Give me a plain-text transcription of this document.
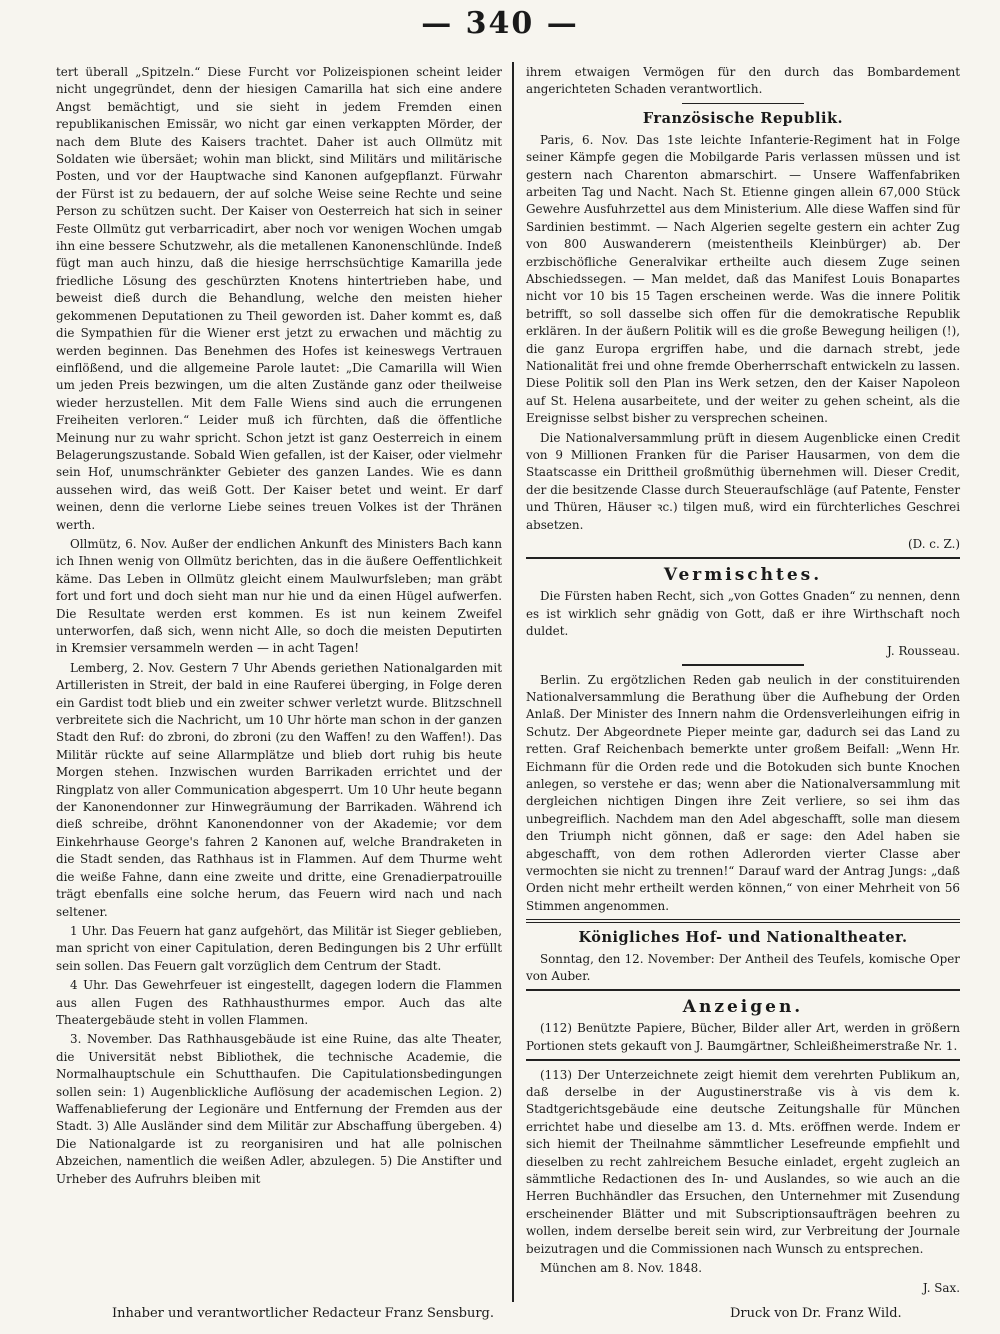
— 340 —

tert überall „Spitzeln.“ Diese Furcht vor Polizeispionen scheint leider nicht ungegründet, denn der hiesigen Camarilla hat sich eine andere Angst bemächtigt, und sie sieht in jedem Fremden einen republikanischen Emissär, wo nicht gar einen verkappten Mörder, der nach dem Blute des Kaisers trachtet. Daher ist auch Ollmütz mit Soldaten wie übersäet; wohin man blickt, sind Militärs und militärische Posten, und vor der Hauptwache sind Kanonen aufgepflanzt. Fürwahr der Fürst ist zu bedauern, der auf solche Weise seine Rechte und seine Person zu schützen sucht. Der Kaiser von Oesterreich hat sich in seiner Feste Ollmütz gut verbarricadirt, aber noch vor wenigen Wochen umgab ihn eine bessere Schutzwehr, als die metallenen Kanonenschlünde. Indeß fügt man auch hinzu, daß die hiesige herrschsüchtige Kamarilla jede friedliche Lösung des geschürzten Knotens hintertrieben habe, und beweist dieß durch die Behandlung, welche den meisten hieher gekommenen Deputationen zu Theil geworden ist. Daher kommt es, daß die Sympathien für die Wiener erst jetzt zu erwachen und mächtig zu werden beginnen. Das Benehmen des Hofes ist keineswegs Vertrauen einflößend, und die allgemeine Parole lautet: „Die Camarilla will Wien um jeden Preis bezwingen, um die alten Zustände ganz oder theilweise wieder herzustellen. Mit dem Falle Wiens sind auch die errungenen Freiheiten verloren.“ Leider muß ich fürchten, daß die öffentliche Meinung nur zu wahr spricht. Schon jetzt ist ganz Oesterreich in einem Belagerungszustande. Sobald Wien gefallen, ist der Kaiser, oder vielmehr sein Hof, unumschränkter Gebieter des ganzen Landes. Wie es dann aussehen wird, das weiß Gott. Der Kaiser betet und weint. Er darf weinen, denn die verlorne Liebe seines treuen Volkes ist der Thränen werth.

Ollmütz, 6. Nov. Außer der endlichen Ankunft des Ministers Bach kann ich Ihnen wenig von Ollmütz berichten, das in die äußere Oeffentlichkeit käme. Das Leben in Ollmütz gleicht einem Maulwurfsleben; man gräbt fort und fort und doch sieht man nur hie und da einen Hügel aufwerfen. Die Resultate werden erst kommen. Es ist nun keinem Zweifel unterworfen, daß sich, wenn nicht Alle, so doch die meisten Deputirten in Kremsier versammeln werden — in acht Tagen!

Lemberg, 2. Nov. Gestern 7 Uhr Abends geriethen Nationalgarden mit Artilleristen in Streit, der bald in eine Rauferei überging, in Folge deren ein Gardist todt blieb und ein zweiter schwer verletzt wurde. Blitzschnell verbreitete sich die Nachricht, um 10 Uhr hörte man schon in der ganzen Stadt den Ruf: do zbroni, do zbroni (zu den Waffen! zu den Waffen!). Das Militär rückte auf seine Allarmplätze und blieb dort ruhig bis heute Morgen stehen. Inzwischen wurden Barrikaden errichtet und der Ringplatz von aller Communication abgesperrt. Um 10 Uhr heute begann der Kanonendonner zur Hinwegräumung der Barrikaden. Während ich dieß schreibe, dröhnt Kanonendonner von der Akademie; vor dem Einkehrhause George's fahren 2 Kanonen auf, welche Brandraketen in die Stadt senden, das Rathhaus ist in Flammen. Auf dem Thurme weht die weiße Fahne, dann eine zweite und dritte, eine Grenadierpatrouille trägt ebenfalls eine solche herum, das Feuern wird nach und nach seltener.

1 Uhr. Das Feuern hat ganz aufgehört, das Militär ist Sieger geblieben, man spricht von einer Capitulation, deren Bedingungen bis 2 Uhr erfüllt sein sollen. Das Feuern galt vorzüglich dem Centrum der Stadt.

4 Uhr. Das Gewehrfeuer ist eingestellt, dagegen lodern die Flammen aus allen Fugen des Rathhausthurmes empor. Auch das alte Theatergebäude steht in vollen Flammen.

3. November. Das Rathhausgebäude ist eine Ruine, das alte Theater, die Universität nebst Bibliothek, die technische Academie, die Normalhauptschule ein Schutthaufen. Die Capitulationsbedingungen sollen sein: 1) Augenblickliche Auflösung der academischen Legion. 2) Waffenablieferung der Legionäre und Entfernung der Fremden aus der Stadt. 3) Alle Ausländer sind dem Militär zur Abschaffung übergeben. 4) Die Nationalgarde ist zu reorganisiren und hat alle polnischen Abzeichen, namentlich die weißen Adler, abzulegen. 5) Die Anstifter und Urheber des Aufruhrs bleiben mit

ihrem etwaigen Vermögen für den durch das Bombardement angerichteten Schaden verantwortlich.

Französische Republik.

Paris, 6. Nov. Das 1ste leichte Infanterie-Regiment hat in Folge seiner Kämpfe gegen die Mobilgarde Paris verlassen müssen und ist gestern nach Charenton abmarschirt. — Unsere Waffenfabriken arbeiten Tag und Nacht. Nach St. Etienne gingen allein 67,000 Stück Gewehre Ausfuhrzettel aus dem Ministerium. Alle diese Waffen sind für Sardinien bestimmt. — Nach Algerien segelte gestern ein achter Zug von 800 Auswanderern (meistentheils Kleinbürger) ab. Der erzbischöfliche Generalvikar ertheilte auch diesem Zuge seinen Abschiedssegen. — Man meldet, daß das Manifest Louis Bonapartes nicht vor 10 bis 15 Tagen erscheinen werde. Was die innere Politik betrifft, so soll dasselbe sich offen für die demokratische Republik erklären. In der äußern Politik will es die große Bewegung heiligen (!), die ganz Europa ergriffen habe, und die darnach strebt, jede Nationalität frei und ohne fremde Oberherrschaft entwickeln zu lassen. Diese Politik soll den Plan ins Werk setzen, den der Kaiser Napoleon auf St. Helena ausarbeitete, und der weiter zu gehen scheint, als die Ereignisse selbst bisher zu versprechen scheinen.

Die Nationalversammlung prüft in diesem Augenblicke einen Credit von 9 Millionen Franken für die Pariser Hausarmen, von dem die Staatscasse ein Drittheil großmüthig übernehmen will. Dieser Credit, der die besitzende Classe durch Steueraufschläge (auf Patente, Fenster und Thüren, Häuser ꝛc.) tilgen muß, wird ein fürchterliches Geschrei absetzen.

(D. c. Z.)
Vermischtes.

Die Fürsten haben Recht, sich „von Gottes Gnaden“ zu nennen, denn es ist wirklich sehr gnädig von Gott, daß er ihre Wirthschaft noch duldet.

J. Rousseau.

Berlin. Zu ergötzlichen Reden gab neulich in der constituirenden Nationalversammlung die Berathung über die Aufhebung der Orden Anlaß. Der Minister des Innern nahm die Ordensverleihungen eifrig in Schutz. Der Abgeordnete Pieper meinte gar, dadurch sei das Land zu retten. Graf Reichenbach bemerkte unter großem Beifall: „Wenn Hr. Eichmann für die Orden rede und die Botokuden sich bunte Knochen anlegen, so verstehe er das; wenn aber die Nationalversammlung mit dergleichen nichtigen Dingen ihre Zeit verliere, so sei ihm das unbegreiflich. Nachdem man den Adel abgeschafft, solle man diesem den Triumph nicht gönnen, daß er sage: den Adel haben sie abgeschafft, von dem rothen Adlerorden vierter Classe aber vermochten sie nicht zu trennen!“ Darauf ward der Antrag Jungs: „daß Orden nicht mehr ertheilt werden können,“ von einer Mehrheit von 56 Stimmen angenommen.

Königliches Hof- und Nationaltheater.

Sonntag, den 12. November: Der Antheil des Teufels, komische Oper von Auber.

Anzeigen.

(112) Benützte Papiere, Bücher, Bilder aller Art, werden in größern Portionen stets gekauft von J. Baumgärtner, Schleißheimerstraße Nr. 1.

(113) Der Unterzeichnete zeigt hiemit dem verehrten Publikum an, daß derselbe in der Augustinerstraße vis à vis dem k. Stadtgerichtsgebäude eine deutsche Zeitungshalle für München errichtet habe und dieselbe am 13. d. Mts. eröffnen werde. Indem er sich hiemit der Theilnahme sämmtlicher Lesefreunde empfiehlt und dieselben zu recht zahlreichem Besuche einladet, ergeht zugleich an sämmtliche Redactionen des In- und Auslandes, so wie auch an die Herren Buchhändler das Ersuchen, den Unternehmer mit Zusendung erscheinender Blätter und mit Subscriptionsaufträgen beehren zu wollen, indem derselbe bereit sein wird, zur Verbreitung der Journale beizutragen und die Commissionen nach Wunsch zu entsprechen.

München am 8. Nov. 1848.

J. Sax.
Inhaber und verantwortlicher Redacteur Franz Sensburg.	Druck von Dr. Franz Wild.
